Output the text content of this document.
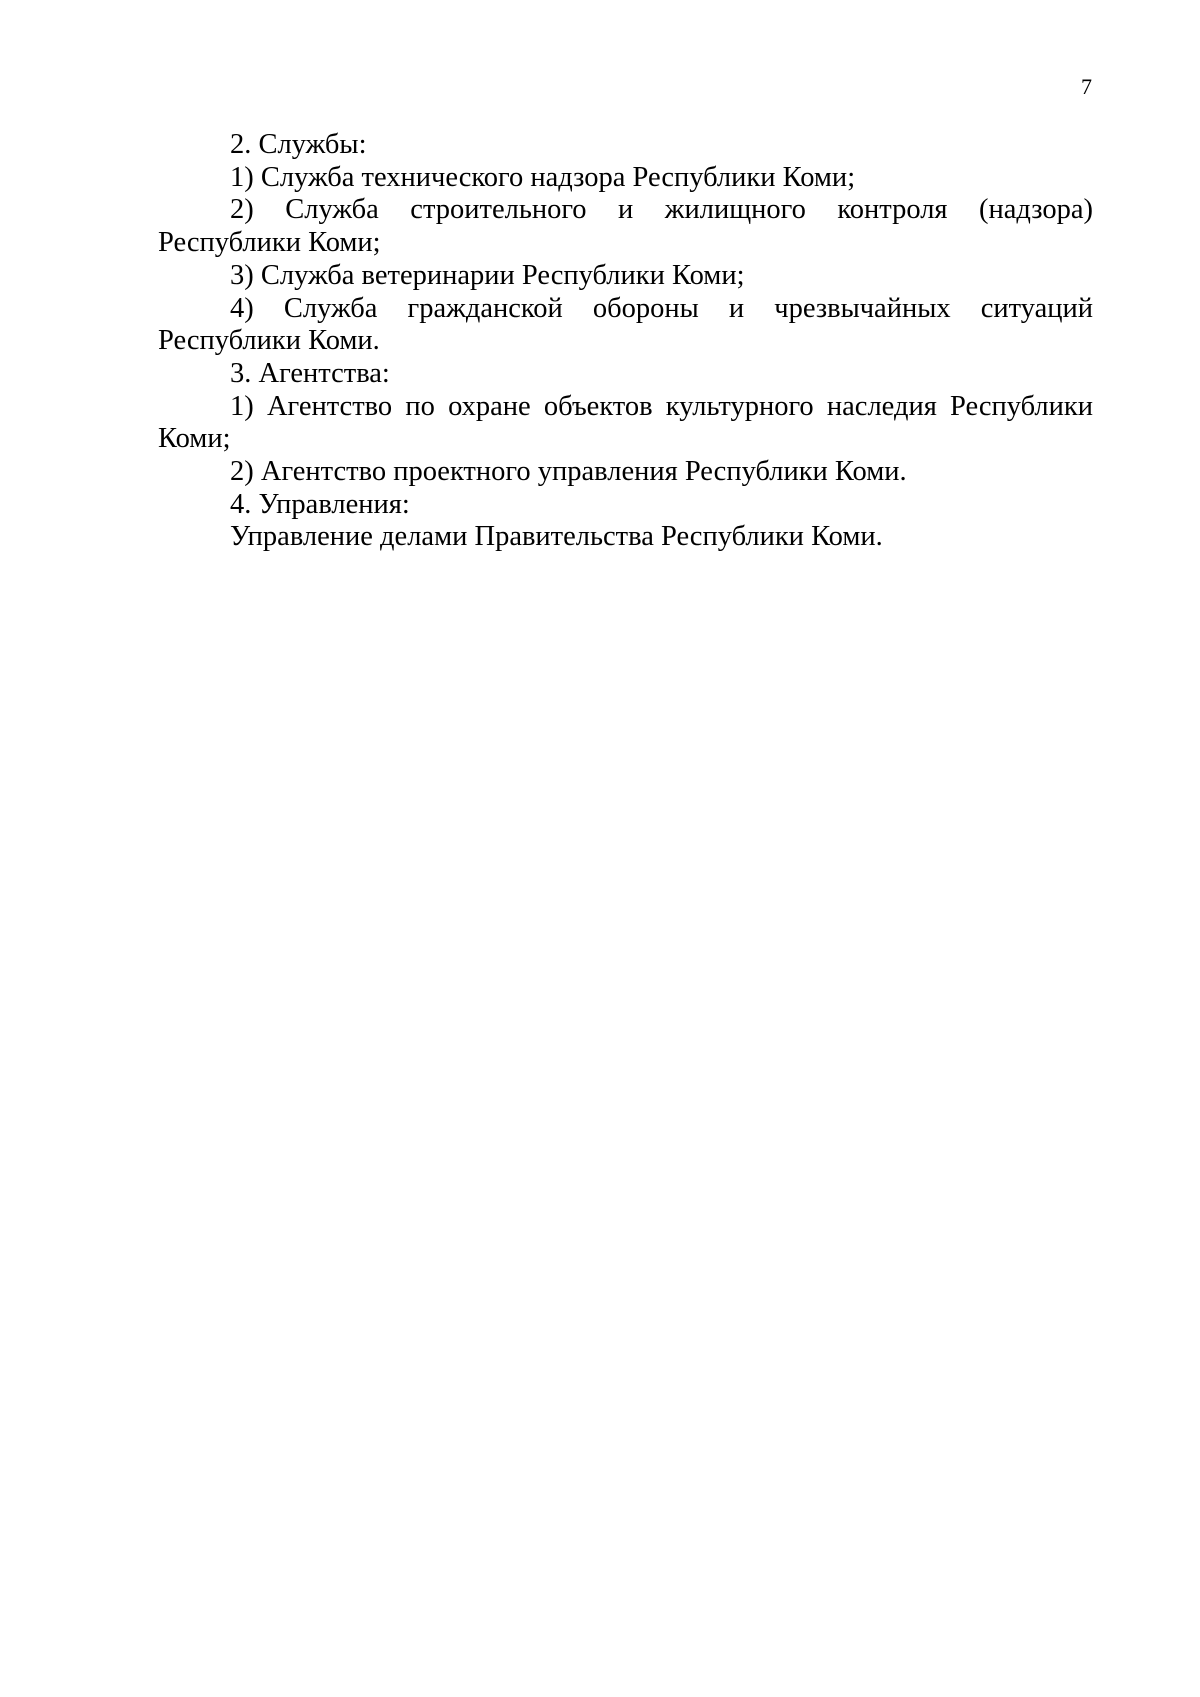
7

2. Службы:

1) Служба технического надзора Республики Коми;

2) Служба строительного и жилищного контроля (надзора) Республики Коми;

3) Служба ветеринарии Республики Коми;

4) Служба гражданской обороны и чрезвычайных ситуаций Республики Коми.

3. Агентства:

1) Агентство по охране объектов культурного наследия Республики Коми;

2) Агентство проектного управления Республики Коми.

4. Управления:

Управление делами Правительства Республики Коми.
